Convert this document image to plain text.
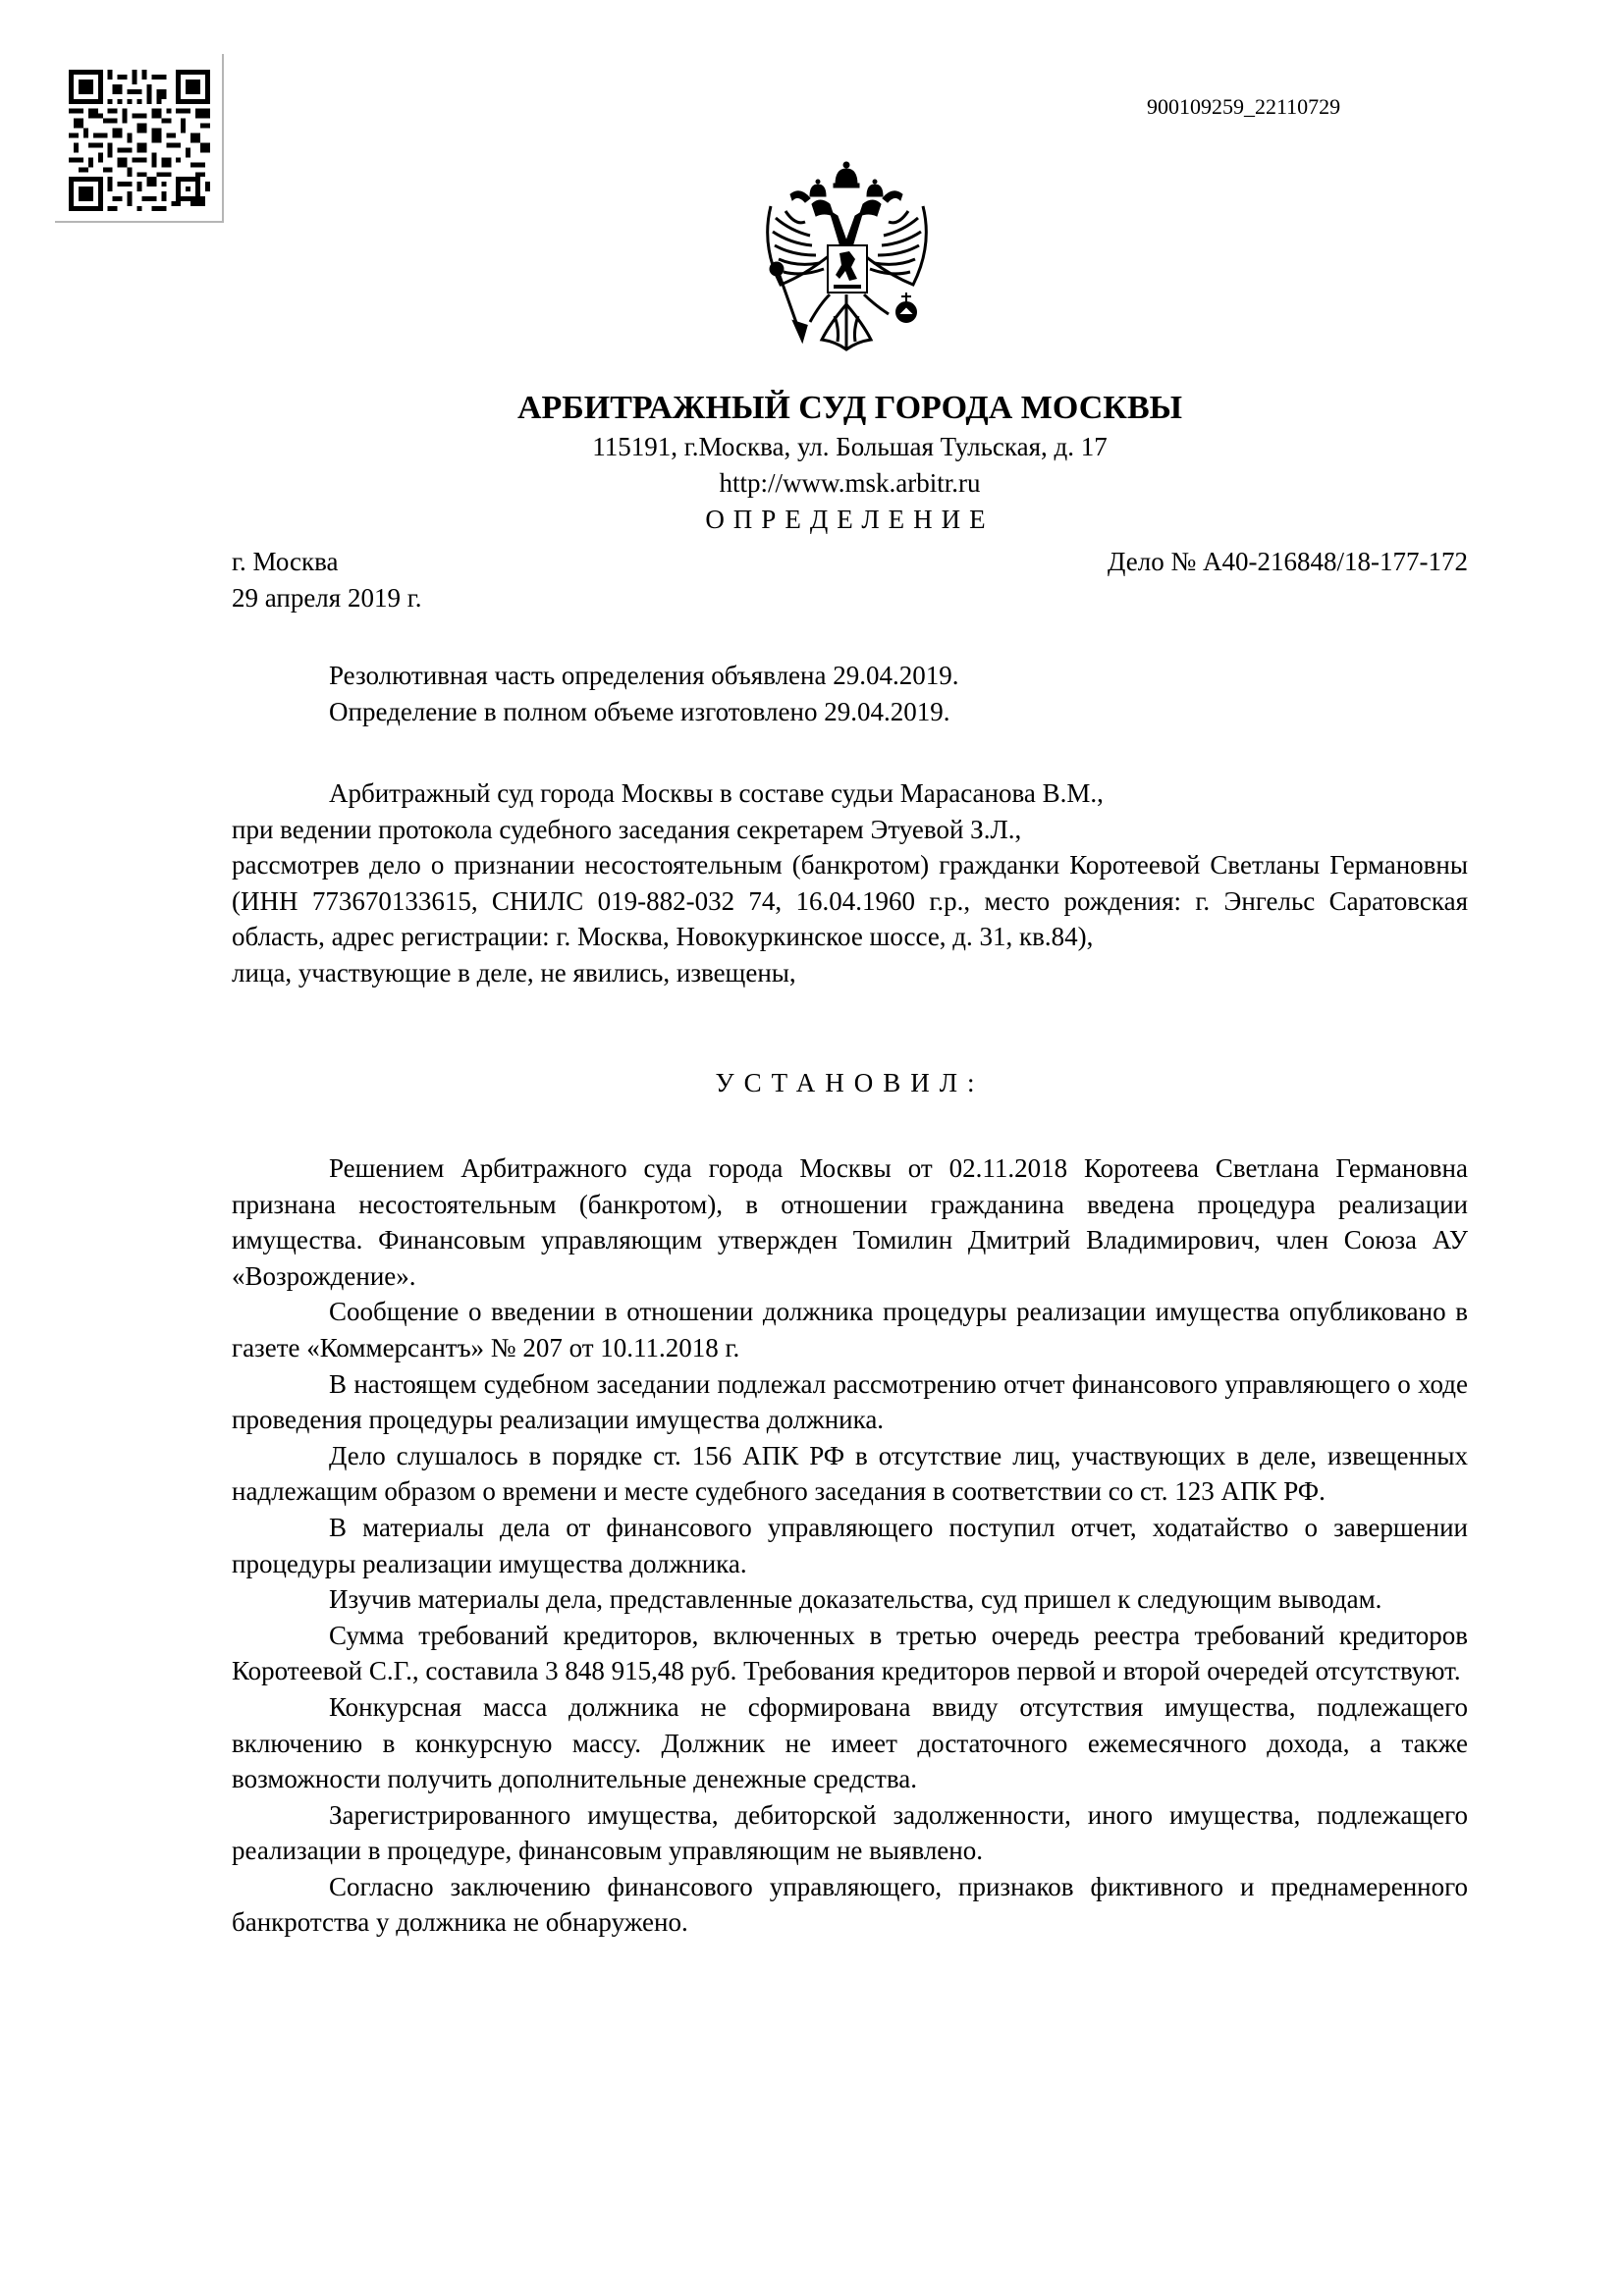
900109259_22110729
АРБИТРАЖНЫЙ СУД ГОРОДА МОСКВЫ
115191, г.Москва, ул. Большая Тульская, д. 17
http://www.msk.arbitr.ru
ОПРЕДЕЛЕНИЕ
г. Москва	Дело № А40-216848/18-177-172
29 апреля 2019 г.
Резолютивная часть определения объявлена 29.04.2019.
Определение в полном объеме изготовлено 29.04.2019.

Арбитражный суд города Москвы в составе судьи Марасанова В.М.,

при ведении протокола судебного заседания секретарем Этуевой З.Л.,

рассмотрев дело о признании несостоятельным (банкротом) гражданки Коротеевой Светланы Германовны (ИНН 773670133615, СНИЛС 019-882-032 74, 16.04.1960 г.р., место рождения: г. Энгельс Саратовская область, адрес регистрации: г. Москва, Новокуркинское шоссе, д. 31, кв.84),

лица, участвующие в деле, не явились, извещены,

УСТАНОВИЛ:

Решением Арбитражного суда города Москвы от 02.11.2018 Коротеева Светлана Германовна признана несостоятельным (банкротом), в отношении гражданина введена процедура реализации имущества. Финансовым управляющим утвержден Томилин Дмитрий Владимирович, член Союза АУ «Возрождение».

Сообщение о введении в отношении должника процедуры реализации имущества опубликовано в газете «Коммерсантъ» № 207 от 10.11.2018 г.

В настоящем судебном заседании подлежал рассмотрению отчет финансового управляющего о ходе проведения процедуры реализации имущества должника.

Дело слушалось в порядке ст. 156 АПК РФ в отсутствие лиц, участвующих в деле, извещенных надлежащим образом о времени и месте судебного заседания в соответствии со ст. 123 АПК РФ.

В материалы дела от финансового управляющего поступил отчет, ходатайство о завершении процедуры реализации имущества должника.

Изучив материалы дела, представленные доказательства, суд пришел к следующим выводам.

Сумма требований кредиторов, включенных в третью очередь реестра требований кредиторов Коротеевой С.Г., составила 3 848 915,48 руб. Требования кредиторов первой и второй очередей отсутствуют.

Конкурсная масса должника не сформирована ввиду отсутствия имущества, подлежащего включению в конкурсную массу. Должник не имеет достаточного ежемесячного дохода, а также возможности получить дополнительные денежные средства.

Зарегистрированного имущества, дебиторской задолженности, иного имущества, подлежащего реализации в процедуре, финансовым управляющим не выявлено.

Согласно заключению финансового управляющего, признаков фиктивного и преднамеренного банкротства у должника не обнаружено.
